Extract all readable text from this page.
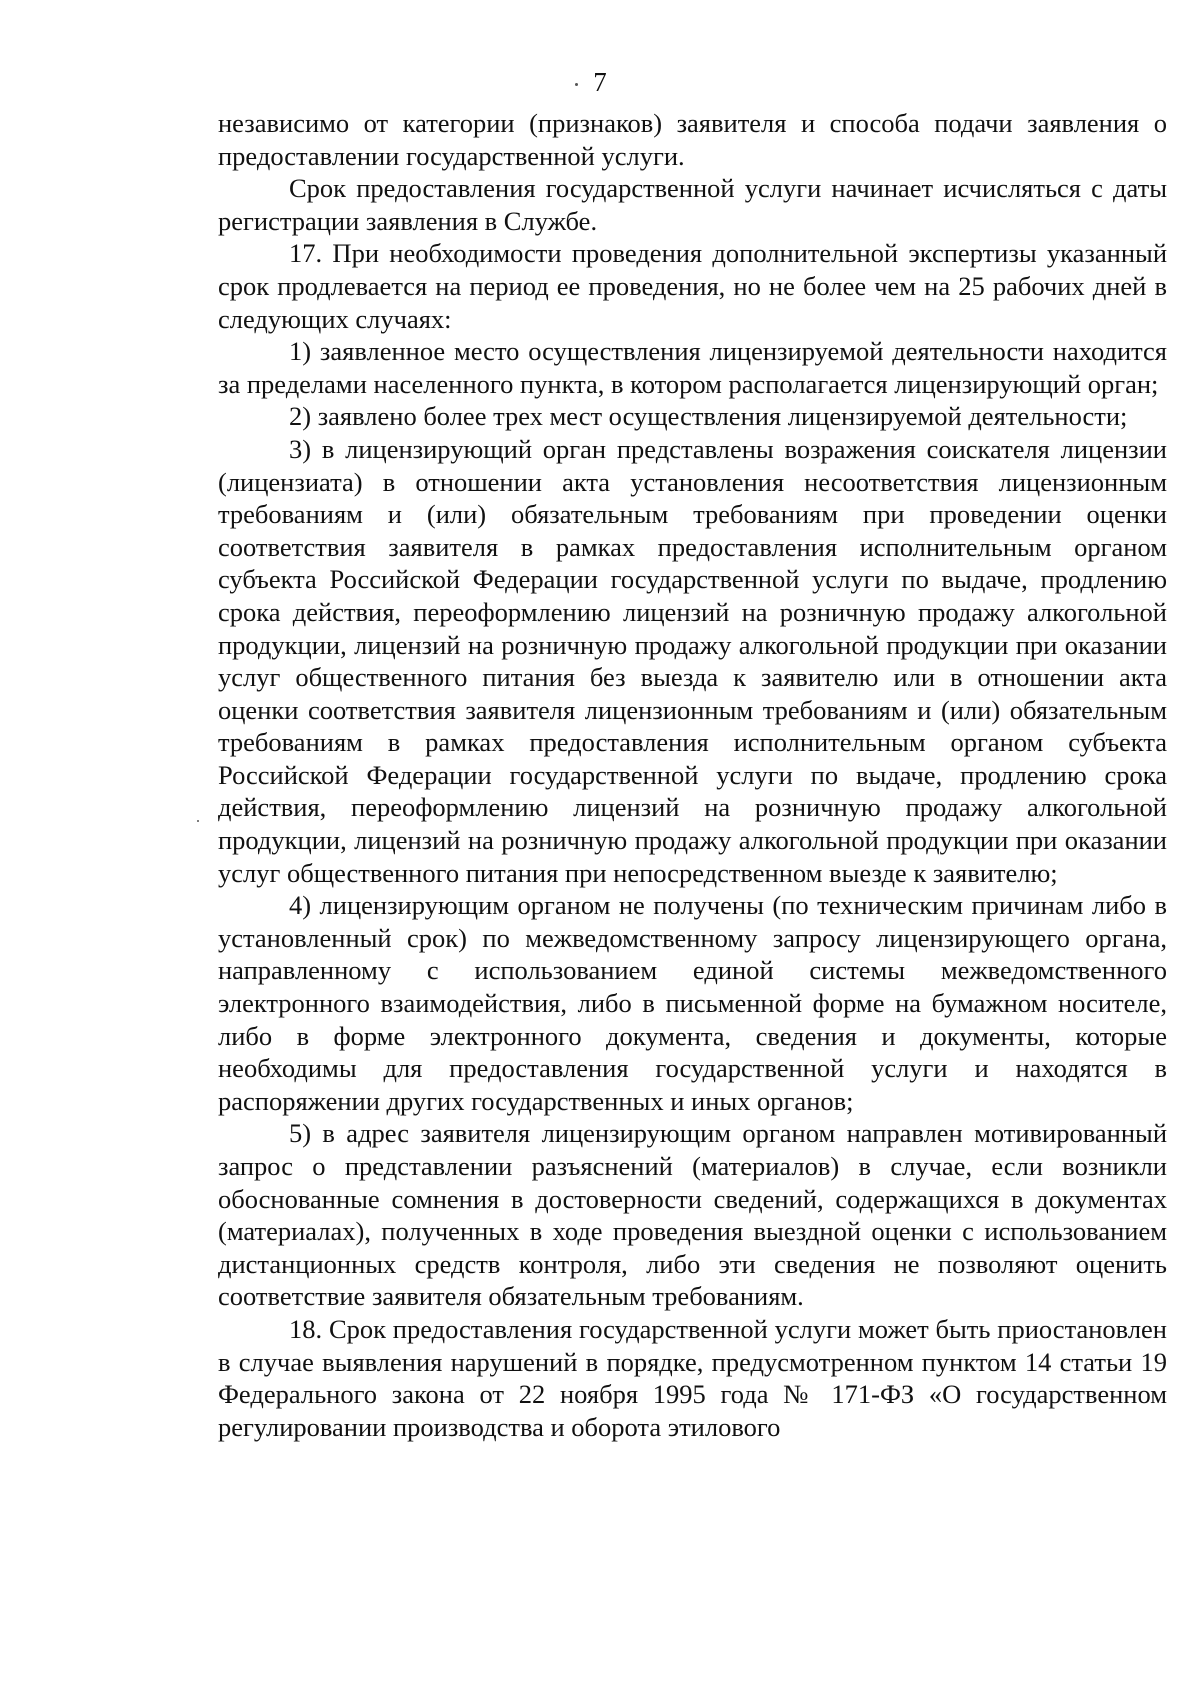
7

независимо от категории (признаков) заявителя и способа подачи заявления о предоставлении государственной услуги.

Срок предоставления государственной услуги начинает исчисляться с даты регистрации заявления в Службе.

17. При необходимости проведения дополнительной экспертизы указанный срок продлевается на период ее проведения, но не более чем на 25 рабочих дней в следующих случаях:

1) заявленное место осуществления лицензируемой деятельности находится за пределами населенного пункта, в котором располагается лицензирующий орган;

2) заявлено более трех мест осуществления лицензируемой деятельности;

3) в лицензирующий орган представлены возражения соискателя лицензии (лицензиата) в отношении акта установления несоответствия лицензионным требованиям и (или) обязательным требованиям при проведении оценки соответствия заявителя в рамках предоставления исполнительным органом субъекта Российской Федерации государственной услуги по выдаче, продлению срока действия, переоформлению лицензий на розничную продажу алкогольной продукции, лицензий на розничную продажу алкогольной продукции при оказании услуг общественного питания без выезда к заявителю или в отношении акта оценки соответствия заявителя лицензионным требованиям и (или) обязательным требованиям в рамках предоставления исполнительным органом субъекта Российской Федерации государственной услуги по выдаче, продлению срока действия, переоформлению лицензий на розничную продажу алкогольной продукции, лицензий на розничную продажу алкогольной продукции при оказании услуг общественного питания при непосредственном выезде к заявителю;

4) лицензирующим органом не получены (по техническим причинам либо в установленный срок) по межведомственному запросу лицензирующего органа, направленному с использованием единой системы межведомственного электронного взаимодействия, либо в письменной форме на бумажном носителе, либо в форме электронного документа, сведения и документы, которые необходимы для предоставления государственной услуги и находятся в распоряжении других государственных и иных органов;

5) в адрес заявителя лицензирующим органом направлен мотивированный запрос о представлении разъяснений (материалов) в случае, если возникли обоснованные сомнения в достоверности сведений, содержащихся в документах (материалах), полученных в ходе проведения выездной оценки с использованием дистанционных средств контроля, либо эти сведения не позволяют оценить соответствие заявителя обязательным требованиям.

18. Срок предоставления государственной услуги может быть приостановлен в случае выявления нарушений в порядке, предусмотренном пунктом 14 статьи 19 Федерального закона от 22 ноября 1995 года № 171-ФЗ «О государственном регулировании производства и оборота этилового
